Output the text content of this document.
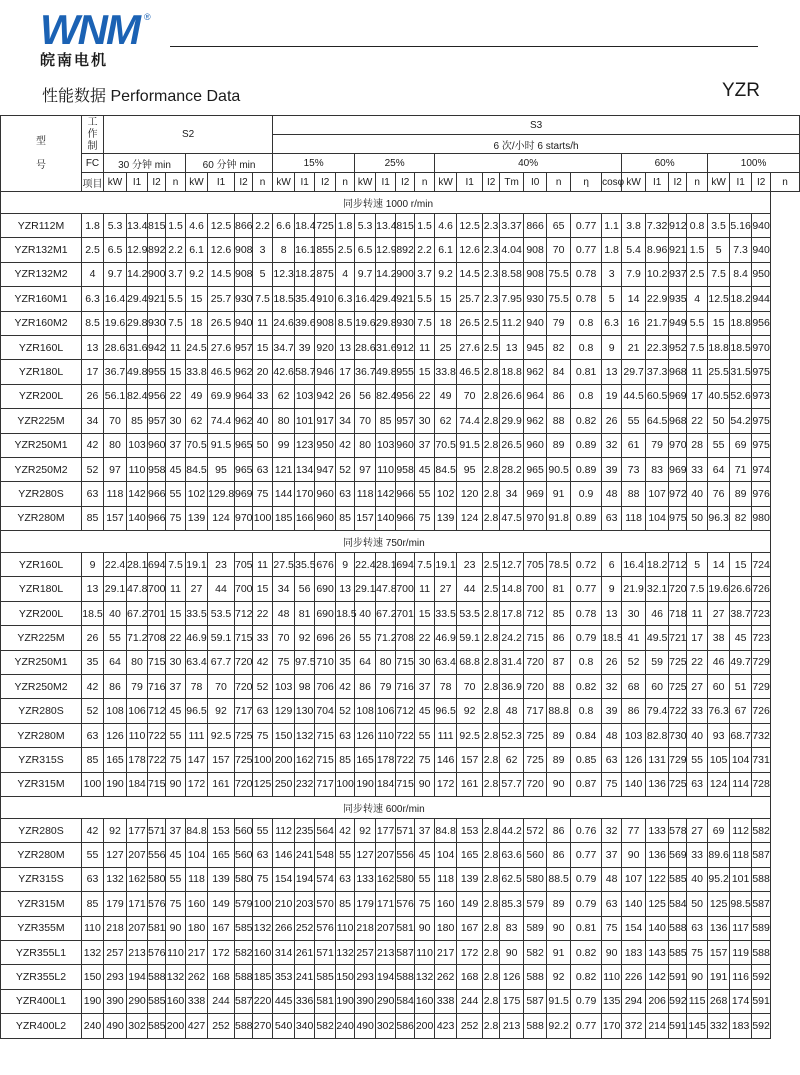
WNM ®
皖南电机
性能数据 Performance Data	YZR
型

号	工作制	S2								S3																							
										6 次/小时 6 starts/h																							
	FC	30 分钟 min				60 分钟 min				15%				25%				40%								60%				100%			
	项目	kW	I1	I2	n	kW	I1	I2	n	kW	I1	I2	n	kW	I1	I2	n	kW	I1	I2	Tm	I0	n	η	cosφ	kW	I1	I2	n	kW	I1	I2	n
同步转速 1000 r/min																																	
YZR112M	1.8	5.3	13.4	815	1.5	4.6	12.5	866	2.2	6.6	18.4	725	1.8	5.3	13.4	815	1.5	4.6	12.5	2.3	3.37	866	65	0.77	1.1	3.8	7.32	912	0.8	3.5	5.16	940	
YZR132M1	2.5	6.5	12.9	892	2.2	6.1	12.6	908	3	8	16.1	855	2.5	6.5	12.9	892	2.2	6.1	12.6	2.3	4.04	908	70	0.77	1.8	5.4	8.96	921	1.5	5	7.3	940	
YZR132M2	4	9.7	14.2	900	3.7	9.2	14.5	908	5	12.3	18.2	875	4	9.7	14.2	900	3.7	9.2	14.5	2.3	8.58	908	75.5	0.78	3	7.9	10.2	937	2.5	7.5	8.4	950	
YZR160M1	6.3	16.4	29.4	921	5.5	15	25.7	930	7.5	18.5	35.4	910	6.3	16.4	29.4	921	5.5	15	25.7	2.3	7.95	930	75.5	0.78	5	14	22.9	935	4	12.5	18.2	944	
YZR160M2	8.5	19.6	29.8	930	7.5	18	26.5	940	11	24.6	39.6	908	8.5	19.6	29.8	930	7.5	18	26.5	2.5	11.2	940	79	0.8	6.3	16	21.7	949	5.5	15	18.8	956	
YZR160L	13	28.6	31.6	942	11	24.5	27.6	957	15	34.7	39	920	13	28.6	31.6	912	11	25	27.6	2.5	13	945	82	0.8	9	21	22.3	952	7.5	18.8	18.5	970	
YZR180L	17	36.7	49.8	955	15	33.8	46.5	962	20	42.6	58.7	946	17	36.7	49.8	955	15	33.8	46.5	2.8	18.8	962	84	0.81	13	29.7	37.3	968	11	25.5	31.5	975	
YZR200L	26	56.1	82.4	956	22	49	69.9	964	33	62	103	942	26	56	82.4	956	22	49	70	2.8	26.6	964	86	0.8	19	44.5	60.5	969	17	40.5	52.6	973	
YZR225M	34	70	85	957	30	62	74.4	962	40	80	101	917	34	70	85	957	30	62	74.4	2.8	29.9	962	88	0.82	26	55	64.5	968	22	50	54.2	975	
YZR250M1	42	80	103	960	37	70.5	91.5	965	50	99	123	950	42	80	103	960	37	70.5	91.5	2.8	26.5	960	89	0.89	32	61	79	970	28	55	69	975	
YZR250M2	52	97	110	958	45	84.5	95	965	63	121	134	947	52	97	110	958	45	84.5	95	2.8	28.2	965	90.5	0.89	39	73	83	969	33	64	71	974	
YZR280S	63	118	142	966	55	102	129.8	969	75	144	170	960	63	118	142	966	55	102	120	2.8	34	969	91	0.9	48	88	107	972	40	76	89	976	
YZR280M	85	157	140	966	75	139	124	970	100	185	166	960	85	157	140	966	75	139	124	2.8	47.5	970	91.8	0.89	63	118	104	975	50	96.3	82	980	
同步转速 750r/min																																	
YZR160L	9	22.4	28.1	694	7.5	19.1	23	705	11	27.5	35.5	676	9	22.4	28.1	694	7.5	19.1	23	2.5	12.7	705	78.5	0.72	6	16.4	18.2	712	5	14	15	724	
YZR180L	13	29.1	47.8	700	11	27	44	700	15	34	56	690	13	29.1	47.8	700	11	27	44	2.5	14.8	700	81	0.77	9	21.9	32.1	720	7.5	19.6	26.6	726	
YZR200L	18.5	40	67.2	701	15	33.5	53.5	712	22	48	81	690	18.5	40	67.2	701	15	33.5	53.5	2.8	17.8	712	85	0.78	13	30	46	718	11	27	38.7	723	
YZR225M	26	55	71.2	708	22	46.9	59.1	715	33	70	92	696	26	55	71.2	708	22	46.9	59.1	2.8	24.2	715	86	0.79	18.5	41	49.5	721	17	38	45	723	
YZR250M1	35	64	80	715	30	63.4	67.7	720	42	75	97.5	710	35	64	80	715	30	63.4	68.8	2.8	31.4	720	87	0.8	26	52	59	725	22	46	49.7	729	
YZR250M2	42	86	79	716	37	78	70	720	52	103	98	706	42	86	79	716	37	78	70	2.8	36.9	720	88	0.82	32	68	60	725	27	60	51	729	
YZR280S	52	108	106	712	45	96.5	92	717	63	129	130	704	52	108	106	712	45	96.5	92	2.8	48	717	88.8	0.8	39	86	79.4	722	33	76.3	67	726	
YZR280M	63	126	110	722	55	111	92.5	725	75	150	132	715	63	126	110	722	55	111	92.5	2.8	52.3	725	89	0.84	48	103	82.8	730	40	93	68.7	732	
YZR315S	85	165	178	722	75	147	157	725	100	200	162	715	85	165	178	722	75	146	157	2.8	62	725	89	0.85	63	126	131	729	55	105	104	731	
YZR315M	100	190	184	715	90	172	161	720	125	250	232	717	100	190	184	715	90	172	161	2.8	57.7	720	90	0.87	75	140	136	725	63	124	114	728	
同步转速 600r/min																																	
YZR280S	42	92	177	571	37	84.8	153	560	55	112	235	564	42	92	177	571	37	84.8	153	2.8	44.2	572	86	0.76	32	77	133	578	27	69	112	582	
YZR280M	55	127	207	556	45	104	165	560	63	146	241	548	55	127	207	556	45	104	165	2.8	63.6	560	86	0.77	37	90	136	569	33	89.6	118	587	
YZR315S	63	132	162	580	55	118	139	580	75	154	194	574	63	133	162	580	55	118	139	2.8	62.5	580	88.5	0.79	48	107	122	585	40	95.2	101	588	
YZR315M	85	179	171	576	75	160	149	579	100	210	203	570	85	179	171	576	75	160	149	2.8	85.3	579	89	0.79	63	140	125	584	50	125	98.5	587	
YZR355M	110	218	207	581	90	180	167	585	132	266	252	576	110	218	207	581	90	180	167	2.8	83	589	90	0.81	75	154	140	588	63	136	117	589	
YZR355L1	132	257	213	576	110	217	172	582	160	314	261	571	132	257	213	587	110	217	172	2.8	90	582	91	0.82	90	183	143	585	75	157	119	588	
YZR355L2	150	293	194	588	132	262	168	588	185	353	241	585	150	293	194	588	132	262	168	2.8	126	588	92	0.82	110	226	142	591	90	191	116	592	
YZR400L1	190	390	290	585	160	338	244	587	220	445	336	581	190	390	290	584	160	338	244	2.8	175	587	91.5	0.79	135	294	206	592	115	268	174	591	
YZR400L2	240	490	302	585	200	427	252	588	270	540	340	582	240	490	302	586	200	423	252	2.8	213	588	92.2	0.77	170	372	214	591	145	332	183	592	
